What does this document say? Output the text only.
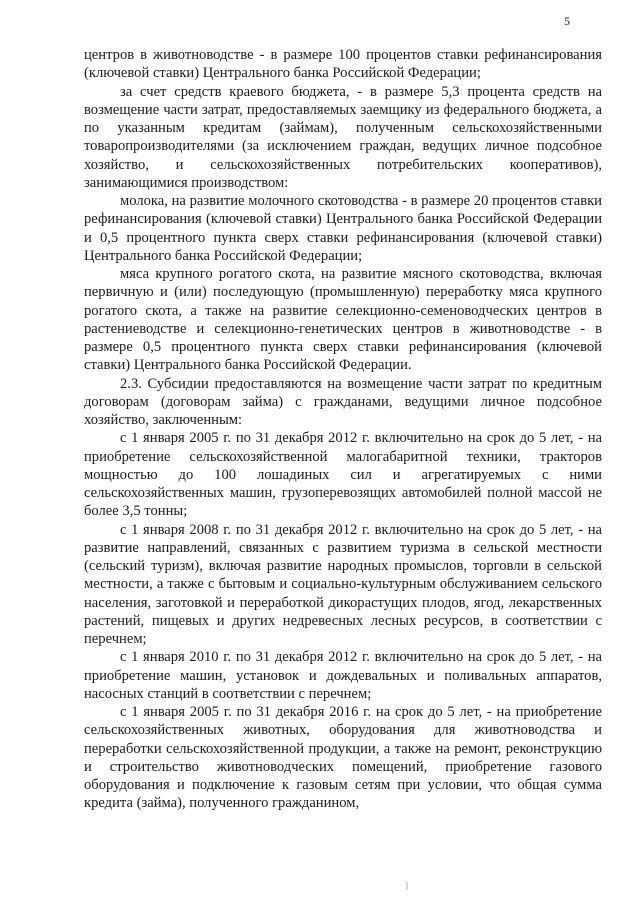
5

центров в животноводстве - в размере 100 процентов ставки рефинансирования (ключевой ставки) Центрального банка Российской Федерации;

за счет средств краевого бюджета, - в размере 5,3 процента средств на возмещение части затрат, предоставляемых заемщику из федерального бюджета, а по указанным кредитам (займам), полученным сельскохозяйственными товаропроизводителями (за исключением граждан, ведущих личное подсобное хозяйство, и сельскохозяйственных потребительских кооперативов), занимающимися производством:

молока, на развитие молочного скотоводства - в размере 20 процентов ставки рефинансирования (ключевой ставки) Центрального банка Российской Федерации и 0,5 процентного пункта сверх ставки рефинансирования (ключевой ставки) Центрального банка Российской Федерации;

мяса крупного рогатого скота, на развитие мясного скотоводства, включая первичную и (или) последующую (промышленную) переработку мяса крупного рогатого скота, а также на развитие селекционно-семеноводческих центров в растениеводстве и селекционно-генетических центров в животноводстве - в размере 0,5 процентного пункта сверх ставки рефинансирования (ключевой ставки) Центрального банка Российской Федерации.

2.3. Субсидии предоставляются на возмещение части затрат по кредитным договорам (договорам займа) с гражданами, ведущими личное подсобное хозяйство, заключенным:

с 1 января 2005 г. по 31 декабря 2012 г. включительно на срок до 5 лет, - на приобретение сельскохозяйственной малогабаритной техники, тракторов мощностью до 100 лошадиных сил и агрегатируемых с ними сельскохозяйственных машин, грузоперевозящих автомобилей полной массой не более 3,5 тонны;

с 1 января 2008 г. по 31 декабря 2012 г. включительно на срок до 5 лет, - на развитие направлений, связанных с развитием туризма в сельской местности (сельский туризм), включая развитие народных промыслов, торговли в сельской местности, а также с бытовым и социально-культурным обслуживанием сельского населения, заготовкой и переработкой дикорастущих плодов, ягод, лекарственных растений, пищевых и других недревесных лесных ресурсов, в соответствии с перечнем;

с 1 января 2010 г. по 31 декабря 2012 г. включительно на срок до 5 лет, - на приобретение машин, установок и дождевальных и поливальных аппаратов, насосных станций в соответствии с перечнем;

с 1 января 2005 г. по 31 декабря 2016 г. на срок до 5 лет, - на приобретение сельскохозяйственных животных, оборудования для животноводства и переработки сельскохозяйственной продукции, а также на ремонт, реконструкцию и строительство животноводческих помещений, приобретение газового оборудования и подключение к газовым сетям при условии, что общая сумма кредита (займа), полученного гражданином,
